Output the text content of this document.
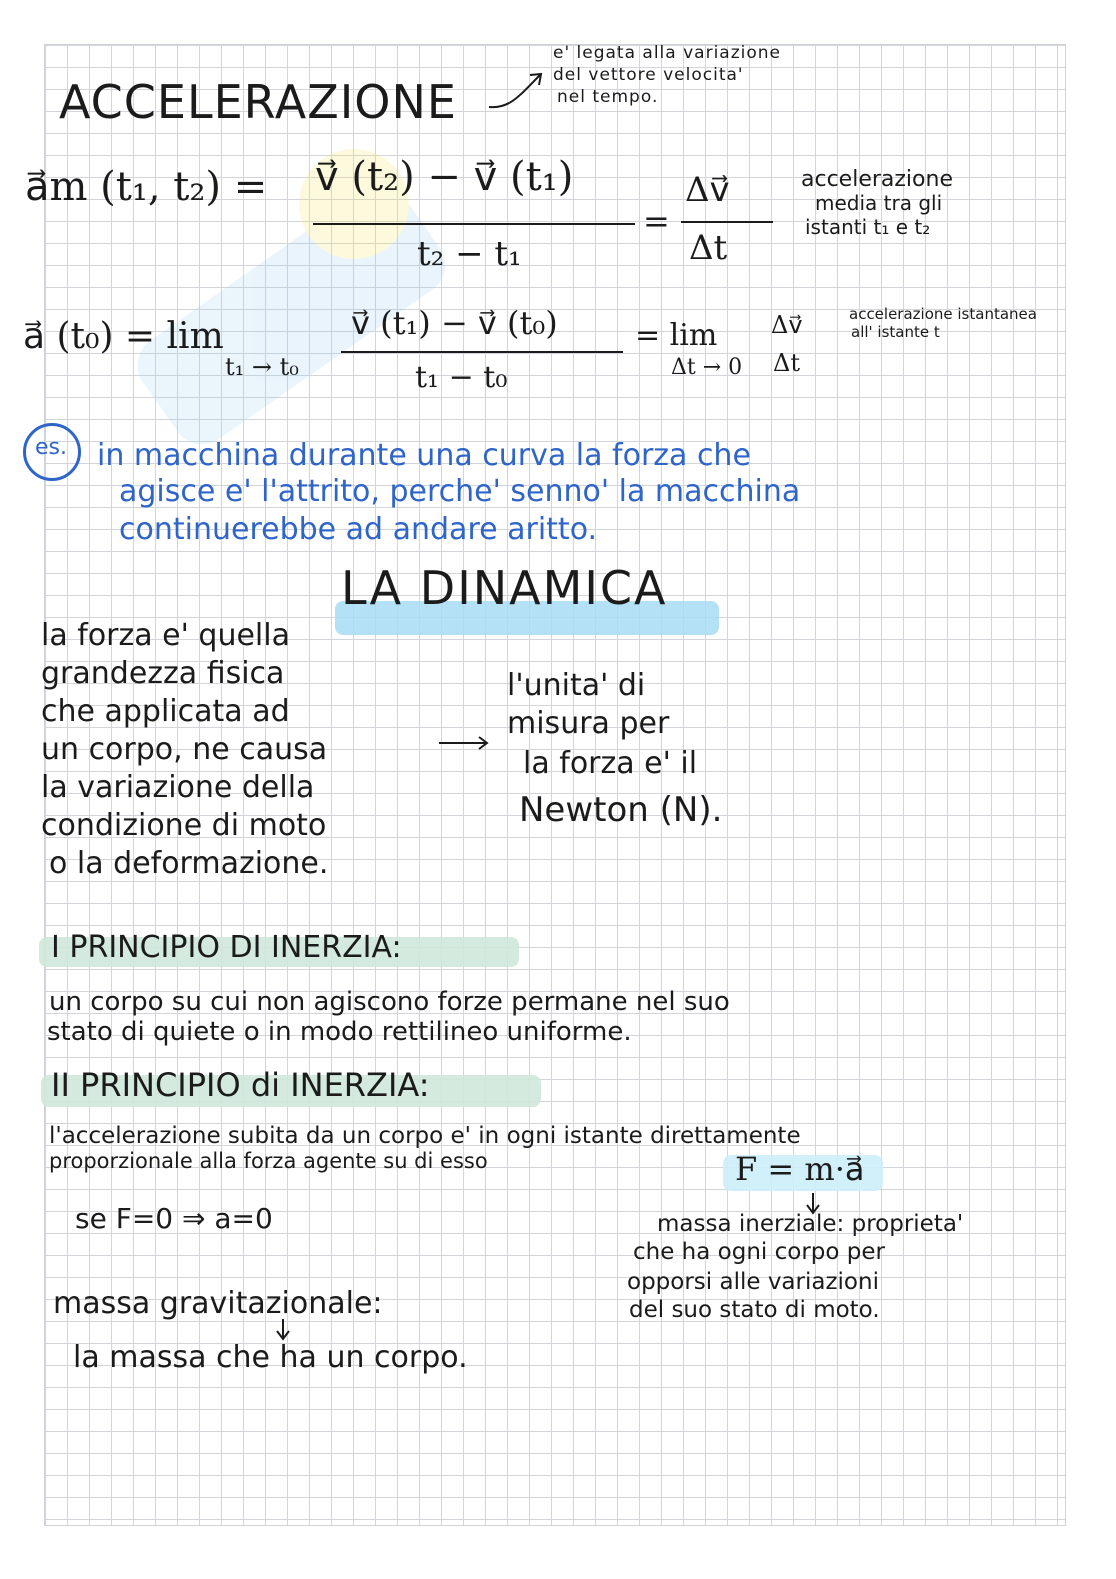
ACCELERAZIONE
e' legata alla variazione
del vettore velocita'
nel tempo.
a⃗m (t₁, t₂) = v⃗ (t₂) − v⃗ (t₁)
t₂ − t₁
=
Δv⃗
Δt
accelerazione
media tra gli
istanti t₁ e t₂
a⃗ (t₀) = lim
t₁ → t₀
v⃗ (t₁) − v⃗ (t₀)
t₁ − t₀
= lim
Δt → 0
Δv⃗
Δt
accelerazione istantanea
all' istante t
es. in macchina durante una curva la forza che
agisce e' l'attrito, perche' senno' la macchina
continuerebbe ad andare aritto.
LA DINAMICA
la forza e' quella
grandezza fisica
che applicata ad
un corpo, ne causa
la variazione della
condizione di moto
o la deformazione.
l'unita' di
misura per
la forza e' il
Newton (N).
I PRINCIPIO DI INERZIA:
un corpo su cui non agiscono forze permane nel suo
stato di quiete o in modo rettilineo uniforme.
II PRINCIPIO di INERZIA:
l'accelerazione subita da un corpo e' in ogni istante direttamente
proporzionale alla forza agente su di esso	F = m·a⃗
se F=0 ⇒ a=0	massa inerziale: proprieta'
che ha ogni corpo per
opporsi alle variazioni
del suo stato di moto.
massa gravitazionale:
la massa che ha un corpo.
